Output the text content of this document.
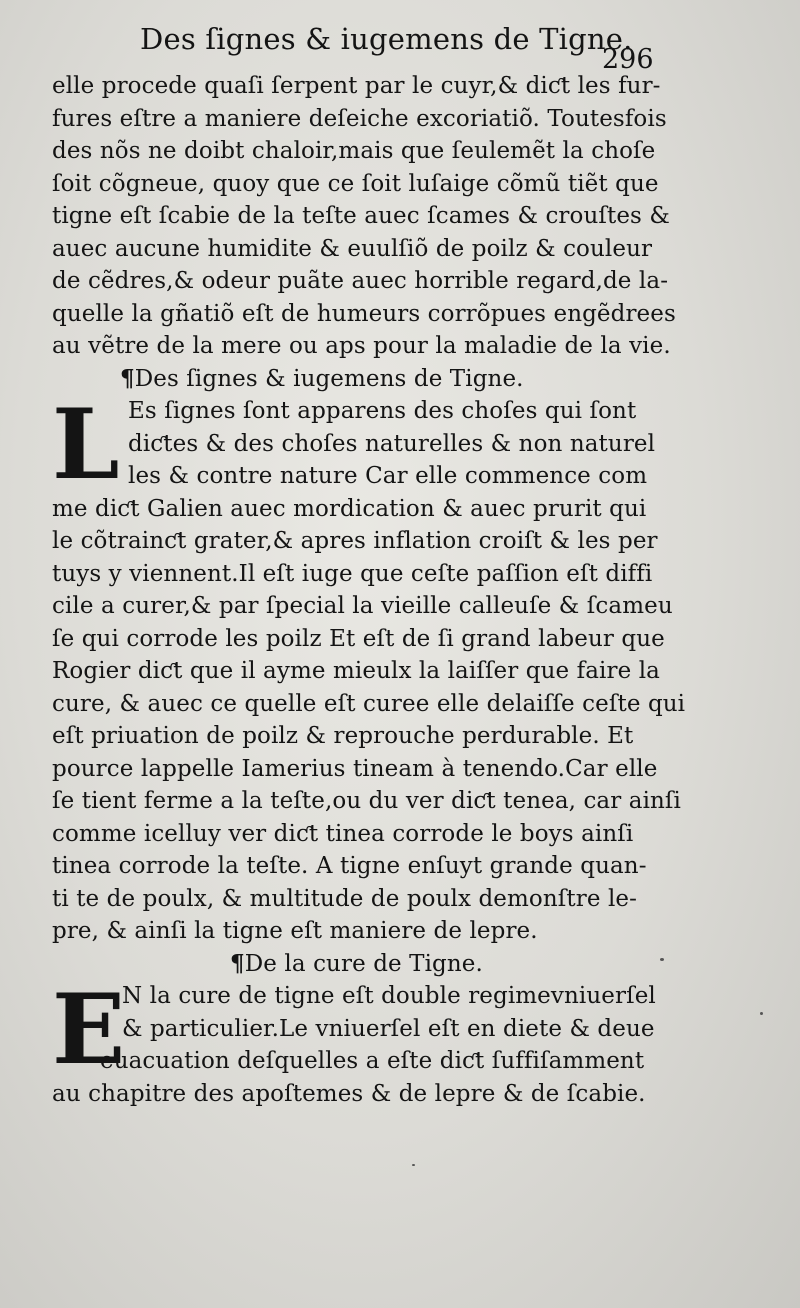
Des ſignes & iugemens de Tigne.
296
elle procede quaſi ſerpent par le cuyr,& diƈt les fur-
fures eſtre a maniere deſeiche excoriatiõ. Toutesfois
des nõs ne doibt chaloir,mais que ſeulemẽt la choſe
ſoit cõgneue, quoy que ce ſoit luſaige cõmũ tiẽt que
tigne eſt ſcabie de la teſte auec ſcames & crouſtes &
auec aucune humidite & euulſiõ de poilz & couleur
de cẽdres,& odeur puãte auec horrible regard,de la-
quelle la gñatiõ eſt de humeurs corrõpues engẽdrees
au vẽtre de la mere ou aps pour la maladie de la vie.
¶Des ſignes & iugemens de Tigne.
L Es ſignes ſont apparens des choſes qui ſont
diƈtes & des choſes naturelles & non naturel
les & contre nature Car elle commence com
me diƈt Galien auec mordication & auec prurit qui
le cõtrainƈt grater,& apres inflation croiſt & les per
tuys y viennent.Il eſt iuge que ceſte paſſion eſt diffi
cile a curer,& par ſpecial la vieille calleuſe & ſcameu
ſe qui corrode les poilz Et eſt de ſi grand labeur que
Rogier diƈt que il ayme mieulx la laiſſer que faire la
cure, & auec ce quelle eſt curee elle delaiſſe ceſte qui
eſt priuation de poilz & reprouche perdurable. Et
pource lappelle Iamerius tineam à tenendo.Car elle
ſe tient ferme a la teſte,ou du ver diƈt tenea, car ainſi
comme icelluy ver diƈt tinea corrode le boys ainſi
tinea corrode la teſte. A tigne enſuyt grande quan-
ti te de poulx, & multitude de poulx demonſtre le-
pre, & ainſi la tigne eſt maniere de lepre.
¶De la cure de Tigne.
E
N la cure de tigne eſt double regimevniuerſel
& particulier.Le vniuerſel eſt en diete & deue
euacuation deſquelles a eſte diƈt ſuffiſamment
au chapitre des apoſtemes & de lepre & de ſcabie.
